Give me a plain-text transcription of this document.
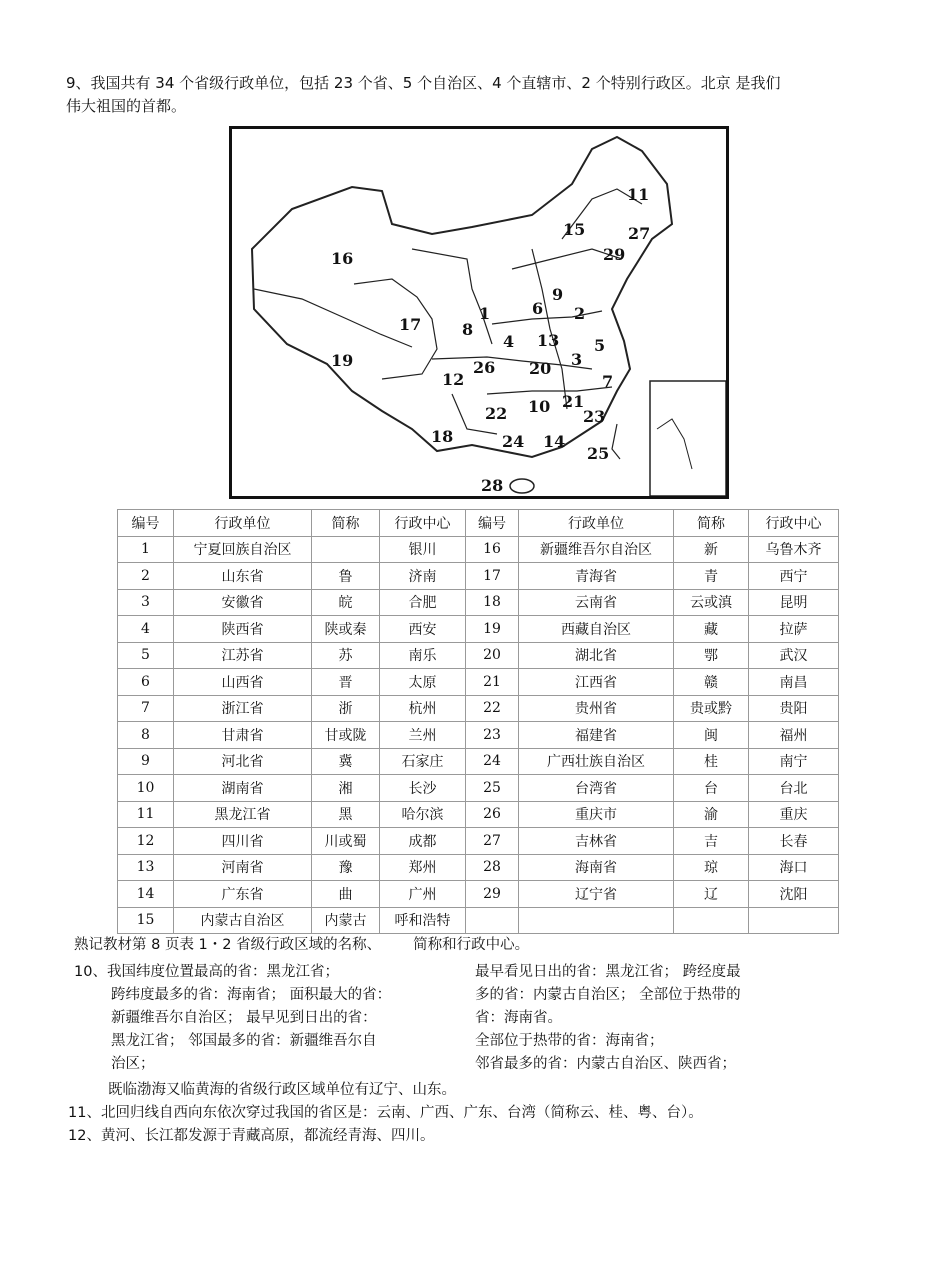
9、我国共有 34 个省级行政单位，包括 23 个省、5 个自治区、4 个直辖市、2 个特别行政区。北京 是我们

伟大祖国的首都。

1	2
3
4	5
6
7
8
9
10
11
12
13
14
15
16
17
18
19	20
21
22	23
24
25
26
27
28
29
编号	行政单位	简称	行政中心	编号	行政单位	简称	行政中心
1	宁夏回族自治区		银川	16	新疆维吾尔自治区	新	乌鲁木齐
2	山东省	鲁	济南	17	青海省	青	西宁
3	安徽省	皖	合肥	18	云南省	云或滇	昆明
4	陕西省	陕或秦	西安	19	西藏自治区	藏	拉萨
5	江苏省	苏	南乐	20	湖北省	鄂	武汉
6	山西省	晋	太原	21	江西省	赣	南昌
7	浙江省	浙	杭州	22	贵州省	贵或黔	贵阳
8	甘肃省	甘或陇	兰州	23	福建省	闽	福州
9	河北省	冀	石家庄	24	广西壮族自治区	桂	南宁
10	湖南省	湘	长沙	25	台湾省	台	台北
11	黑龙江省	黑	哈尔滨	26	重庆市	渝	重庆
12	四川省	川或蜀	成都	27	吉林省	吉	长春
13	河南省	豫	郑州	28	海南省	琼	海口
14	广东省	曲	广州	29	辽宁省	辽	沈阳
15	内蒙古自治区	内蒙古	呼和浩特				
熟记教材第 8 页表 1・2 省级行政区域的名称、 简称和行政中心。

10、我国纬度位置最高的省：黑龙江省；

跨纬度最多的省：海南省； 面积最大的省：

新疆维吾尔自治区； 最早见到日出的省：

黑龙江省； 邻国最多的省：新疆维吾尔自

治区；

最早看见日出的省：黑龙江省； 跨经度最

多的省：内蒙古自治区； 全部位于热带的

省：海南省。

全部位于热带的省：海南省；

邻省最多的省：内蒙古自治区、陕西省；

既临渤海又临黄海的省级行政区域单位有辽宁、山东。
11、北回归线自西向东依次穿过我国的省区是：云南、广西、广东、台湾（简称云、桂、粤、台）。
12、黄河、长江都发源于青藏高原，都流经青海、四川。
